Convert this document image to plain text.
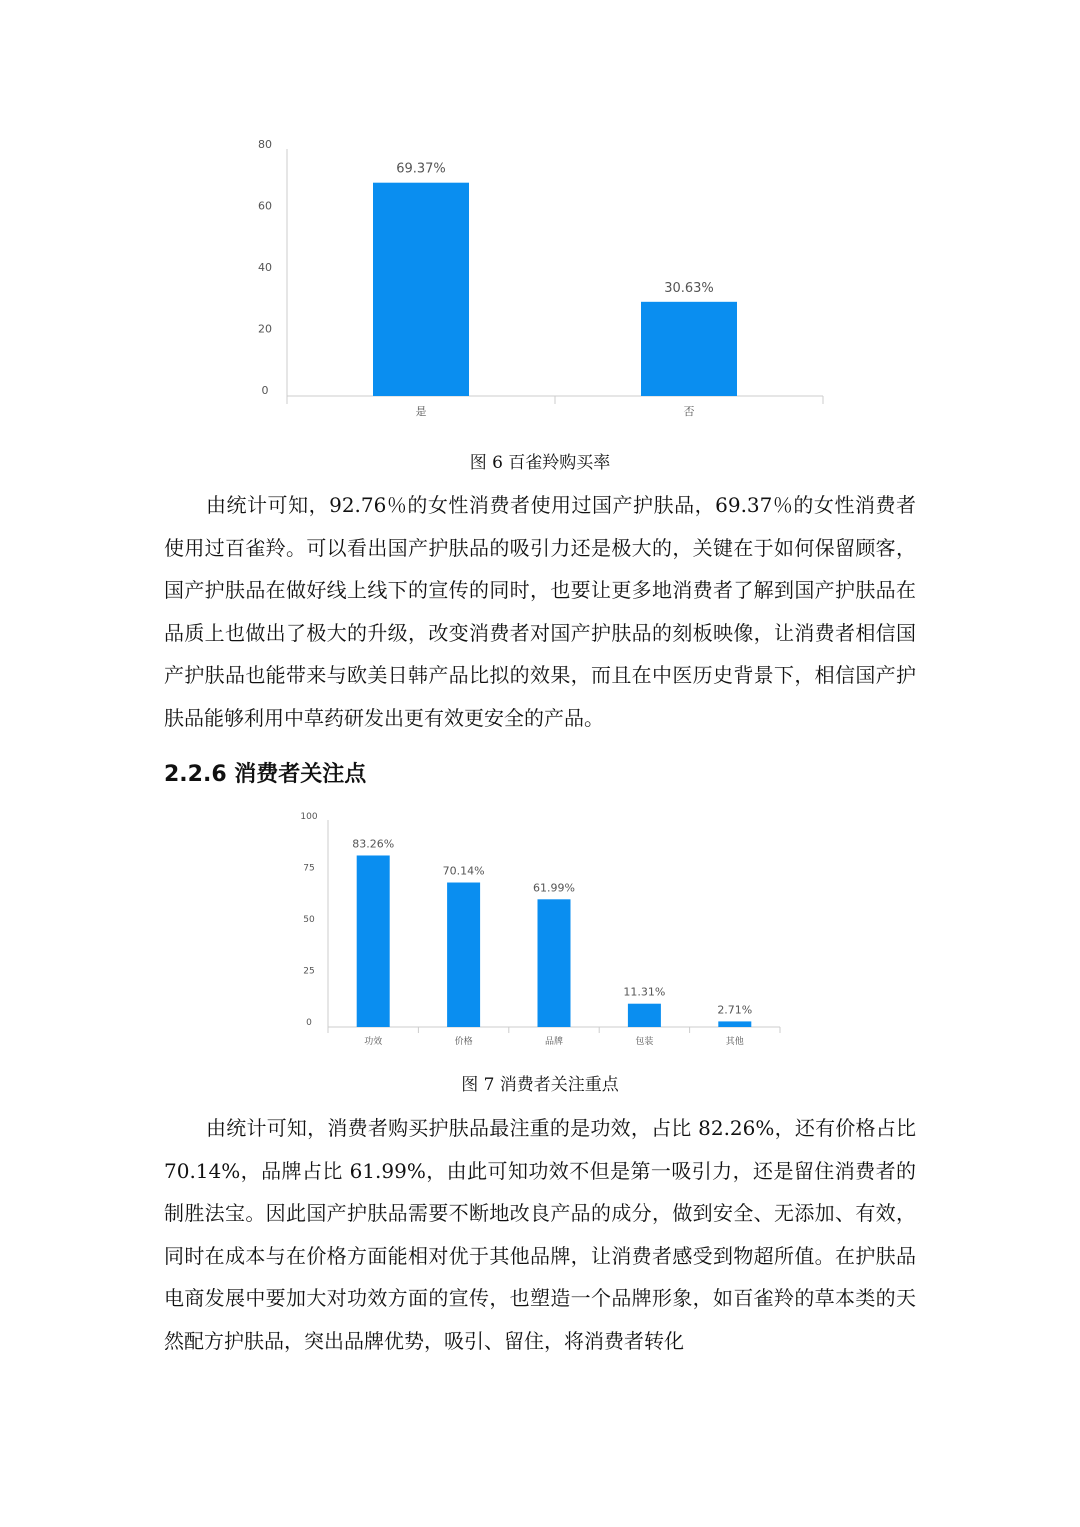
0
20
40
60
80
69.37%
是
30.63%
否

图 6 百雀羚购买率

由统计可知，92.76％的女性消费者使用过国产护肤品，69.37％的女性消费者使用过百雀羚。可以看出国产护肤品的吸引力还是极大的，关键在于如何保留顾客，国产护肤品在做好线上线下的宣传的同时，也要让更多地消费者了解到国产护肤品在品质上也做出了极大的升级，改变消费者对国产护肤品的刻板映像，让消费者相信国产护肤品也能带来与欧美日韩产品比拟的效果，而且在中医历史背景下，相信国产护肤品能够利用中草药研发出更有效更安全的产品。

2.2.6 消费者关注点
0
25
50
75
100
83.26%
功效
70.14%
价格
61.99%
品牌
11.31%
包装
2.71%
其他

图 7 消费者关注重点

由统计可知，消费者购买护肤品最注重的是功效，占比 82.26%，还有价格占比 70.14%，品牌占比 61.99%，由此可知功效不但是第一吸引力，还是留住消费者的制胜法宝。因此国产护肤品需要不断地改良产品的成分，做到安全、无添加、有效，同时在成本与在价格方面能相对优于其他品牌，让消费者感受到物超所值。在护肤品电商发展中要加大对功效方面的宣传，也塑造一个品牌形象，如百雀羚的草本类的天然配方护肤品，突出品牌优势，吸引、留住，将消费者转化
